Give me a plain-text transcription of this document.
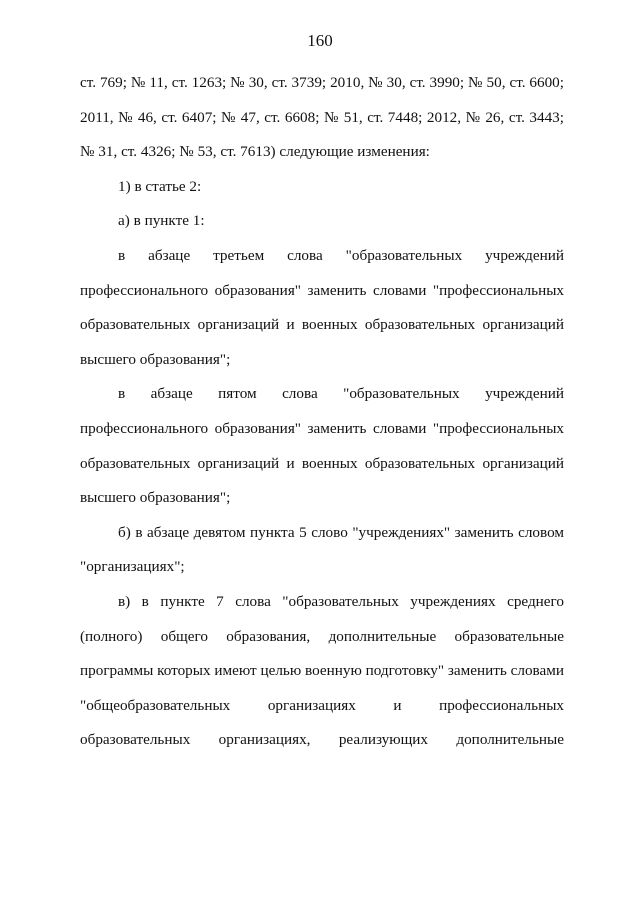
160

ст. 769; № 11, ст. 1263; № 30, ст. 3739; 2010, № 30, ст. 3990; № 50, ст. 6600; 2011, № 46, ст. 6407; № 47, ст. 6608; № 51, ст. 7448; 2012, № 26, ст. 3443; № 31, ст. 4326; № 53, ст. 7613) следующие изменения:

1) в статье 2:

а) в пункте 1:

в абзаце третьем слова "образовательных учреждений профессионального образования" заменить словами "профессиональных образовательных организаций и военных образовательных организаций высшего образования";

в абзаце пятом слова "образовательных учреждений профессионального образования" заменить словами "профессиональных образовательных организаций и военных образовательных организаций высшего образования";

б) в абзаце девятом пункта 5 слово "учреждениях" заменить словом "организациях";

в) в пункте 7 слова "образовательных учреждениях среднего (полного) общего образования, дополнительные образовательные программы которых имеют целью военную подготовку" заменить словами "общеобразовательных организациях и профессиональных образовательных организациях, реализующих дополнительные
